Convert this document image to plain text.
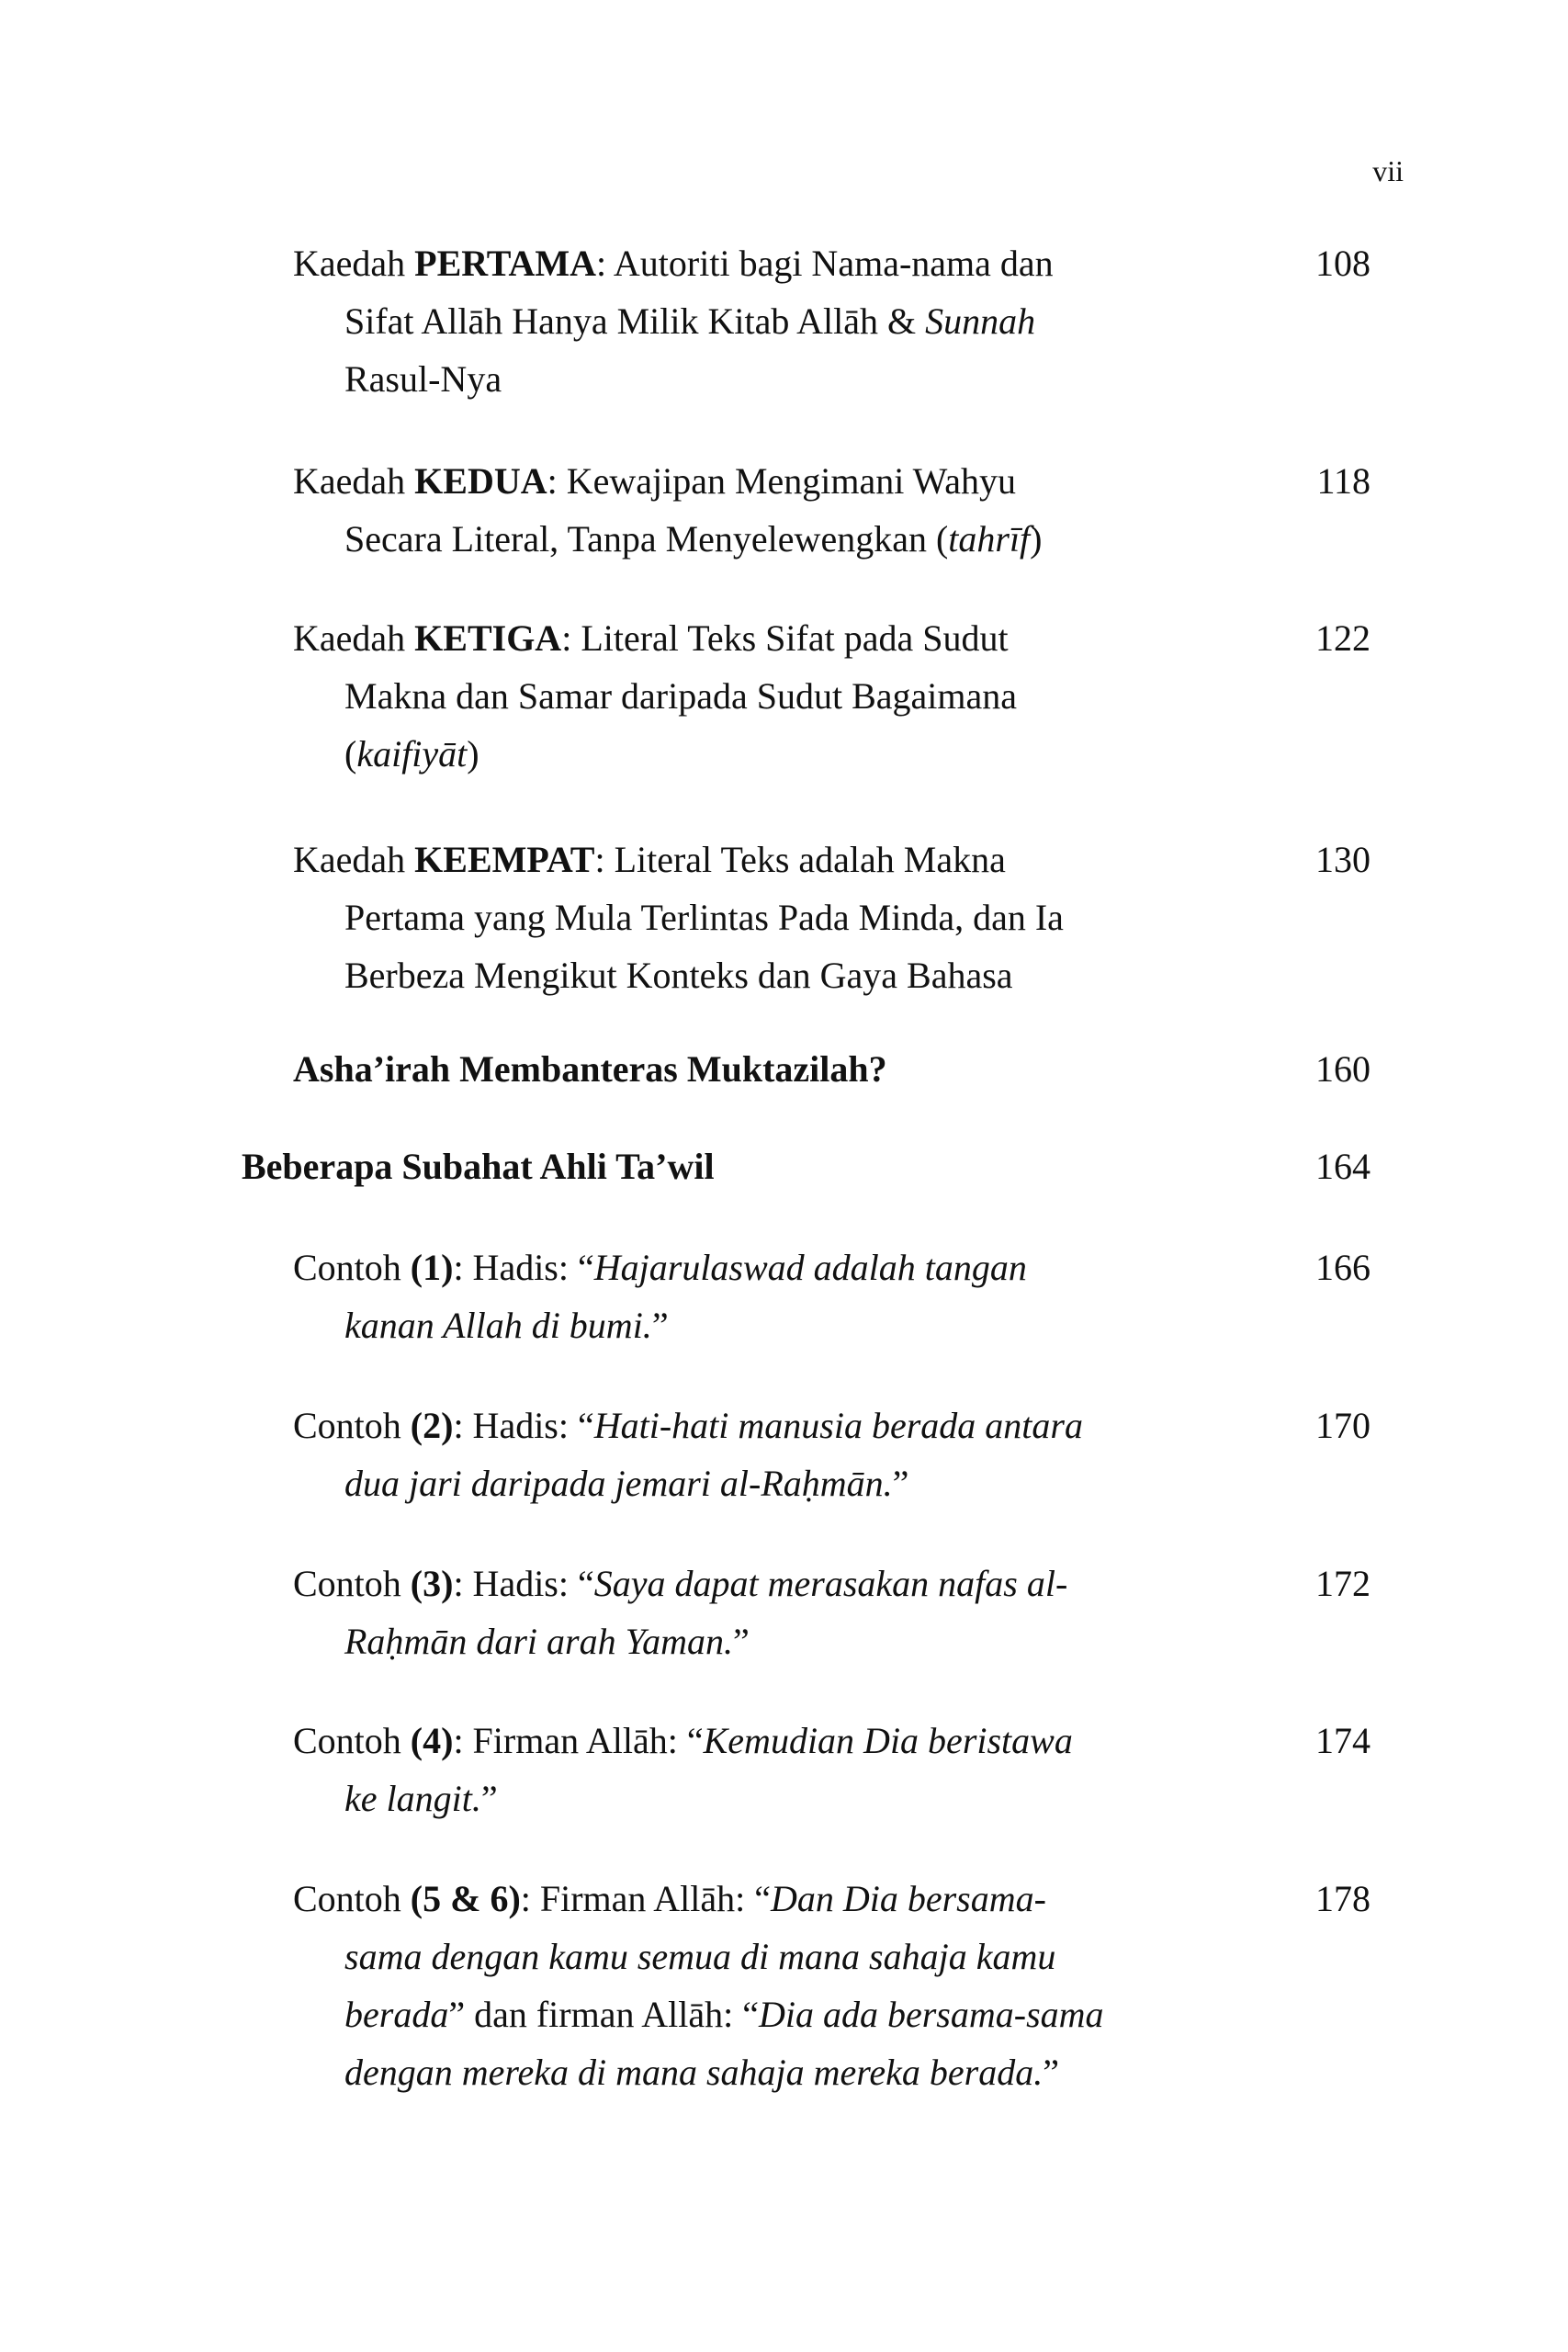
vii
Kaedah PERTAMA: Autoriti bagi Nama-nama dan
Sifat Allāh Hanya Milik Kitab Allāh & Sunnah
Rasul-Nya
108
Kaedah KEDUA: Kewajipan Mengimani Wahyu
Secara Literal, Tanpa Menyelewengkan (tahrīf)
118
Kaedah KETIGA: Literal Teks Sifat pada Sudut
Makna dan Samar daripada Sudut Bagaimana
(kaifiyāt)
122
Kaedah KEEMPAT: Literal Teks adalah Makna
Pertama yang Mula Terlintas Pada Minda, dan Ia
Berbeza Mengikut Konteks dan Gaya Bahasa
130
Asha’irah Membanteras Muktazilah?	160
Beberapa Subahat Ahli Ta’wil	164
Contoh (1): Hadis: “Hajarulaswad adalah tangan
kanan Allah di bumi.”
166
Contoh (2): Hadis: “Hati-hati manusia berada antara
dua jari daripada jemari al-Raḥmān.”
170
Contoh (3): Hadis: “Saya dapat merasakan nafas al-
Raḥmān dari arah Yaman.”
172
Contoh (4): Firman Allāh: “Kemudian Dia beristawa
ke langit.”
174
Contoh (5 & 6): Firman Allāh: “Dan Dia bersama-
sama dengan kamu semua di mana sahaja kamu
berada” dan firman Allāh: “Dia ada bersama-sama
dengan mereka di mana sahaja mereka berada.”
178
